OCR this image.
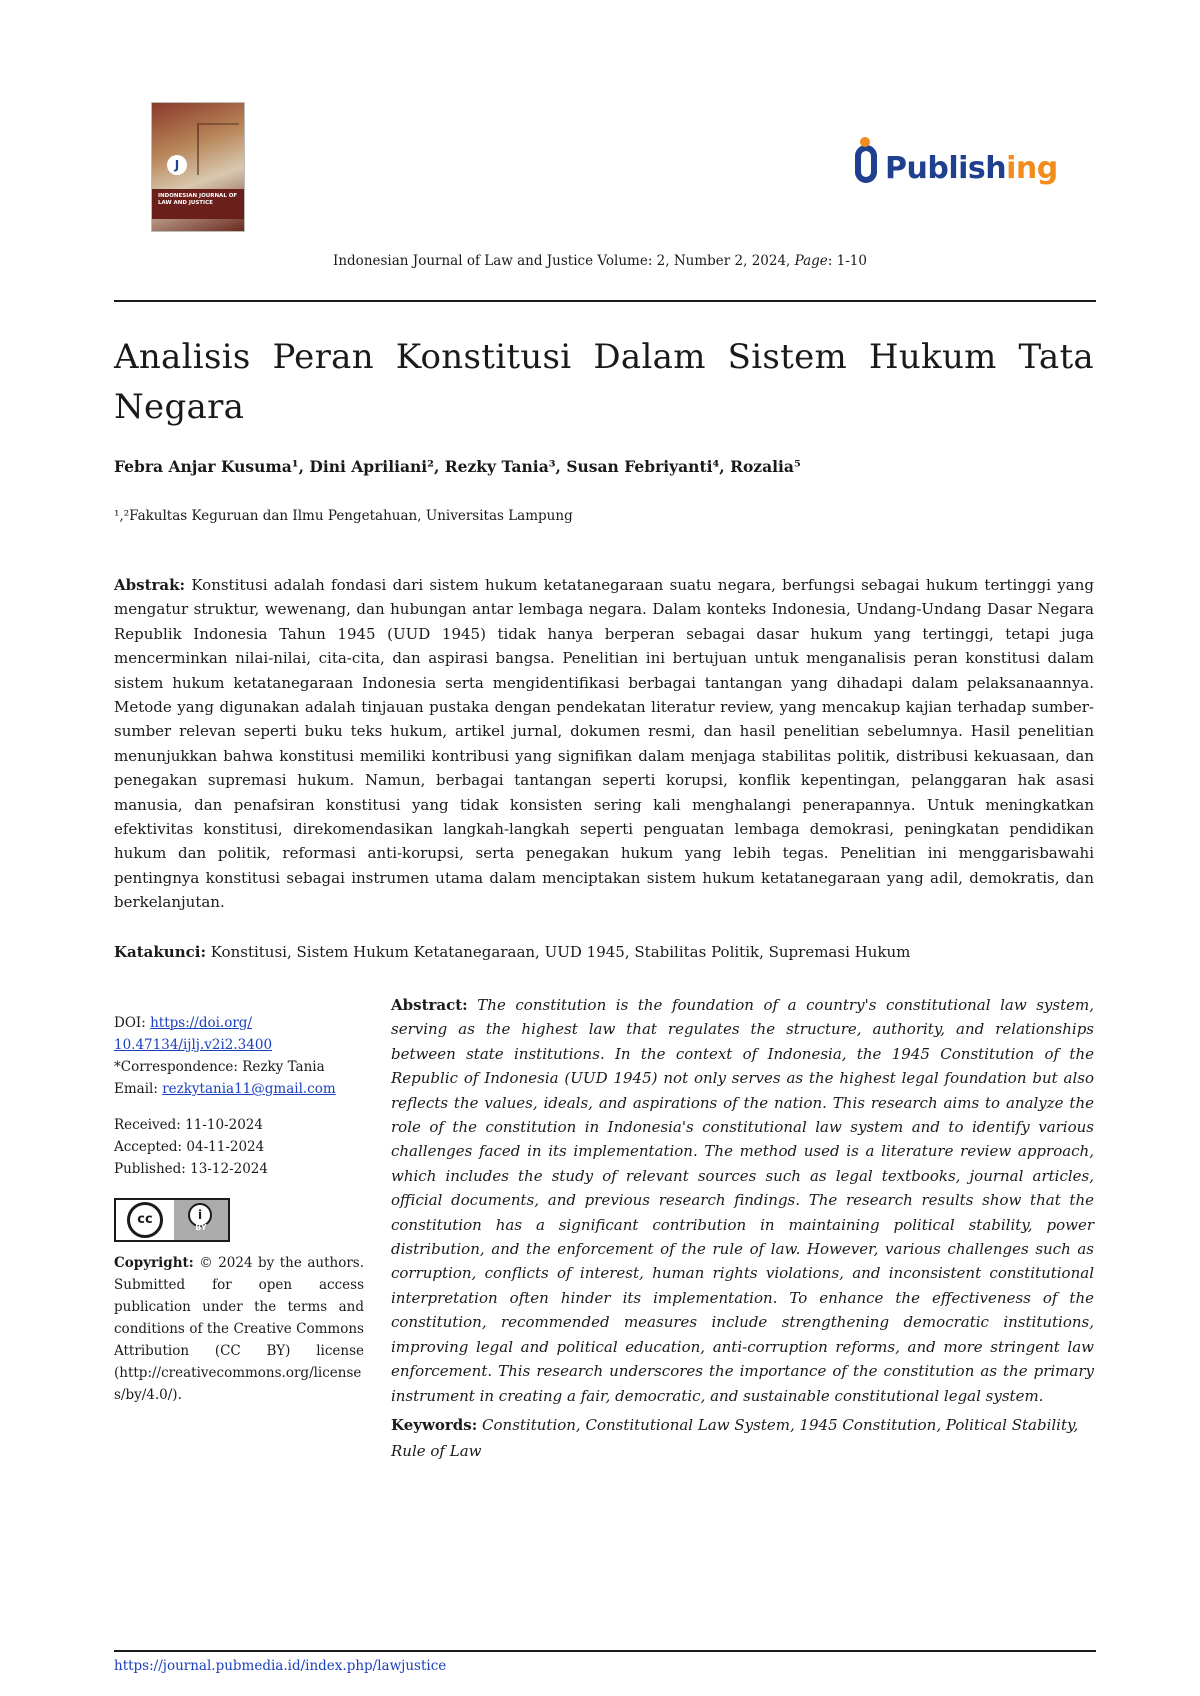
J
INDONESIAN JOURNAL OF LAW AND JUSTICE
Publishing
Indonesian Journal of Law and Justice Volume: 2, Number 2, 2024, Page: 1-10
Analisis Peran Konstitusi Dalam Sistem Hukum Tata Negara
Febra Anjar Kusuma¹, Dini Apriliani², Rezky Tania³, Susan Febriyanti⁴, Rozalia⁵
¹,²Fakultas Keguruan dan Ilmu Pengetahuan, Universitas Lampung
Abstrak: Konstitusi adalah fondasi dari sistem hukum ketatanegaraan suatu negara, berfungsi sebagai hukum tertinggi yang mengatur struktur, wewenang, dan hubungan antar lembaga negara. Dalam konteks Indonesia, Undang-Undang Dasar Negara Republik Indonesia Tahun 1945 (UUD 1945) tidak hanya berperan sebagai dasar hukum yang tertinggi, tetapi juga mencerminkan nilai-nilai, cita-cita, dan aspirasi bangsa. Penelitian ini bertujuan untuk menganalisis peran konstitusi dalam sistem hukum ketatanegaraan Indonesia serta mengidentifikasi berbagai tantangan yang dihadapi dalam pelaksanaannya. Metode yang digunakan adalah tinjauan pustaka dengan pendekatan literatur review, yang mencakup kajian terhadap sumber-sumber relevan seperti buku teks hukum, artikel jurnal, dokumen resmi, dan hasil penelitian sebelumnya. Hasil penelitian menunjukkan bahwa konstitusi memiliki kontribusi yang signifikan dalam menjaga stabilitas politik, distribusi kekuasaan, dan penegakan supremasi hukum. Namun, berbagai tantangan seperti korupsi, konflik kepentingan, pelanggaran hak asasi manusia, dan penafsiran konstitusi yang tidak konsisten sering kali menghalangi penerapannya. Untuk meningkatkan efektivitas konstitusi, direkomendasikan langkah-langkah seperti penguatan lembaga demokrasi, peningkatan pendidikan hukum dan politik, reformasi anti-korupsi, serta penegakan hukum yang lebih tegas. Penelitian ini menggarisbawahi pentingnya konstitusi sebagai instrumen utama dalam menciptakan sistem hukum ketatanegaraan yang adil, demokratis, dan berkelanjutan.
Katakunci: Konstitusi, Sistem Hukum Ketatanegaraan, UUD 1945, Stabilitas Politik, Supremasi Hukum
DOI: https://doi.org/
10.47134/ijlj.v2i2.3400
*Correspondence: Rezky Tania
Email: rezkytania11@gmail.com
Received: 11-10-2024
Accepted: 04-11-2024
Published: 13-12-2024
cc	i
BY
Copyright: © 2024 by the authors. Submitted for open access publication under the terms and conditions of the Creative Commons Attribution (CC BY) license (http://creativecommons.org/licenses/by/4.0/).
Abstract: The constitution is the foundation of a country's constitutional law system, serving as the highest law that regulates the structure, authority, and relationships between state institutions. In the context of Indonesia, the 1945 Constitution of the Republic of Indonesia (UUD 1945) not only serves as the highest legal foundation but also reflects the values, ideals, and aspirations of the nation. This research aims to analyze the role of the constitution in Indonesia's constitutional law system and to identify various challenges faced in its implementation. The method used is a literature review approach, which includes the study of relevant sources such as legal textbooks, journal articles, official documents, and previous research findings. The research results show that the constitution has a significant contribution in maintaining political stability, power distribution, and the enforcement of the rule of law. However, various challenges such as corruption, conflicts of interest, human rights violations, and inconsistent constitutional interpretation often hinder its implementation. To enhance the effectiveness of the constitution, recommended measures include strengthening democratic institutions, improving legal and political education, anti-corruption reforms, and more stringent law enforcement. This research underscores the importance of the constitution as the primary instrument in creating a fair, democratic, and sustainable constitutional legal system.
Keywords: Constitution, Constitutional Law System, 1945 Constitution, Political Stability, Rule of Law
https://journal.pubmedia.id/index.php/lawjustice
